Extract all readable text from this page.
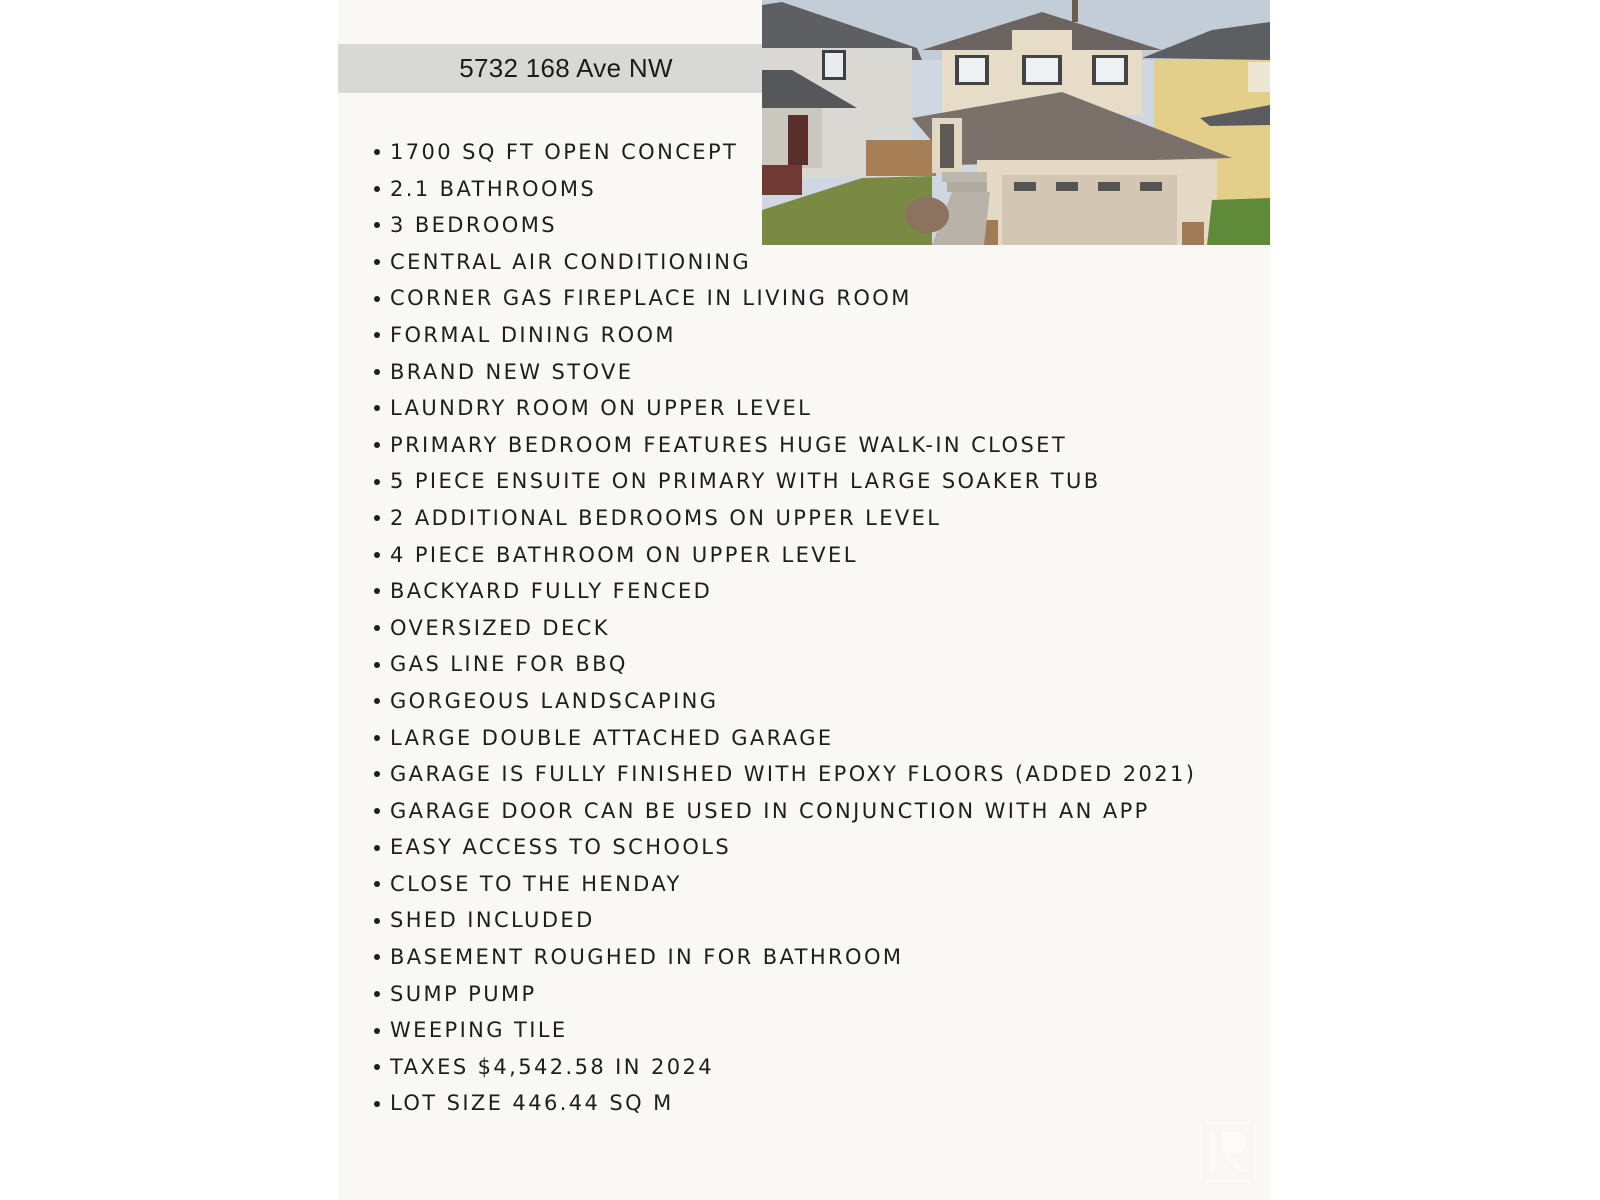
5732 168 Ave NW
1700 SQ FT OPEN CONCEPT
2.1 BATHROOMS
3 BEDROOMS
CENTRAL AIR CONDITIONING
CORNER GAS FIREPLACE IN LIVING ROOM
FORMAL DINING ROOM
BRAND NEW STOVE
LAUNDRY ROOM ON UPPER LEVEL
PRIMARY BEDROOM FEATURES HUGE WALK-IN CLOSET
5 PIECE ENSUITE ON PRIMARY WITH LARGE SOAKER TUB
2 ADDITIONAL BEDROOMS ON UPPER LEVEL
4 PIECE BATHROOM ON UPPER LEVEL
BACKYARD FULLY FENCED
OVERSIZED DECK
GAS LINE FOR BBQ
GORGEOUS LANDSCAPING
LARGE DOUBLE ATTACHED GARAGE
GARAGE IS FULLY FINISHED WITH EPOXY FLOORS (ADDED 2021)
GARAGE DOOR CAN BE USED IN CONJUNCTION WITH AN APP
EASY ACCESS TO SCHOOLS
CLOSE TO THE HENDAY
SHED INCLUDED
BASEMENT ROUGHED IN FOR BATHROOM
SUMP PUMP
WEEPING TILE
TAXES $4,542.58 IN 2024
LOT SIZE 446.44 SQ M
